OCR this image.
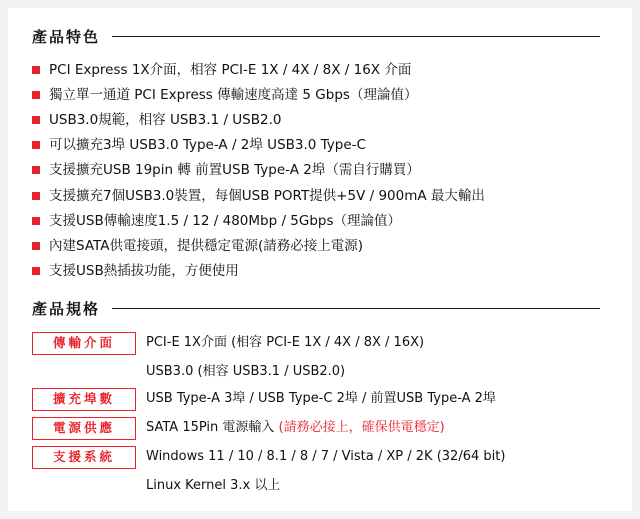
產品特色
PCI Express 1X介面，相容 PCI-E 1X / 4X / 8X / 16X 介面
獨立單一通道 PCI Express 傳輸速度高達 5 Gbps（理論值）
USB3.0規範，相容 USB3.1 / USB2.0
可以擴充3埠 USB3.0 Type-A / 2埠 USB3.0 Type-C
支援擴充USB 19pin 轉 前置USB Type-A 2埠（需自行購買）
支援擴充7個USB3.0裝置，每個USB PORT提供+5V / 900mA 最大輸出
支援USB傳輸速度1.5 / 12 / 480Mbp / 5Gbps（理論值）
內建SATA供電接頭，提供穩定電源(請務必接上電源)
支援USB熱插拔功能，方便使用
產品規格
傳輸介面	PCI-E 1X介面 (相容 PCI-E 1X / 4X / 8X / 16X)
USB3.0 (相容 USB3.1 / USB2.0)
擴充埠數	USB Type-A 3埠 / USB Type-C 2埠 / 前置USB Type-A 2埠
電源供應	SATA 15Pin 電源輸入 (請務必接上，確保供電穩定)
支援系統	Windows 11 / 10 / 8.1 / 8 / 7 / Vista / XP / 2K (32/64 bit)
Linux Kernel 3.x 以上
